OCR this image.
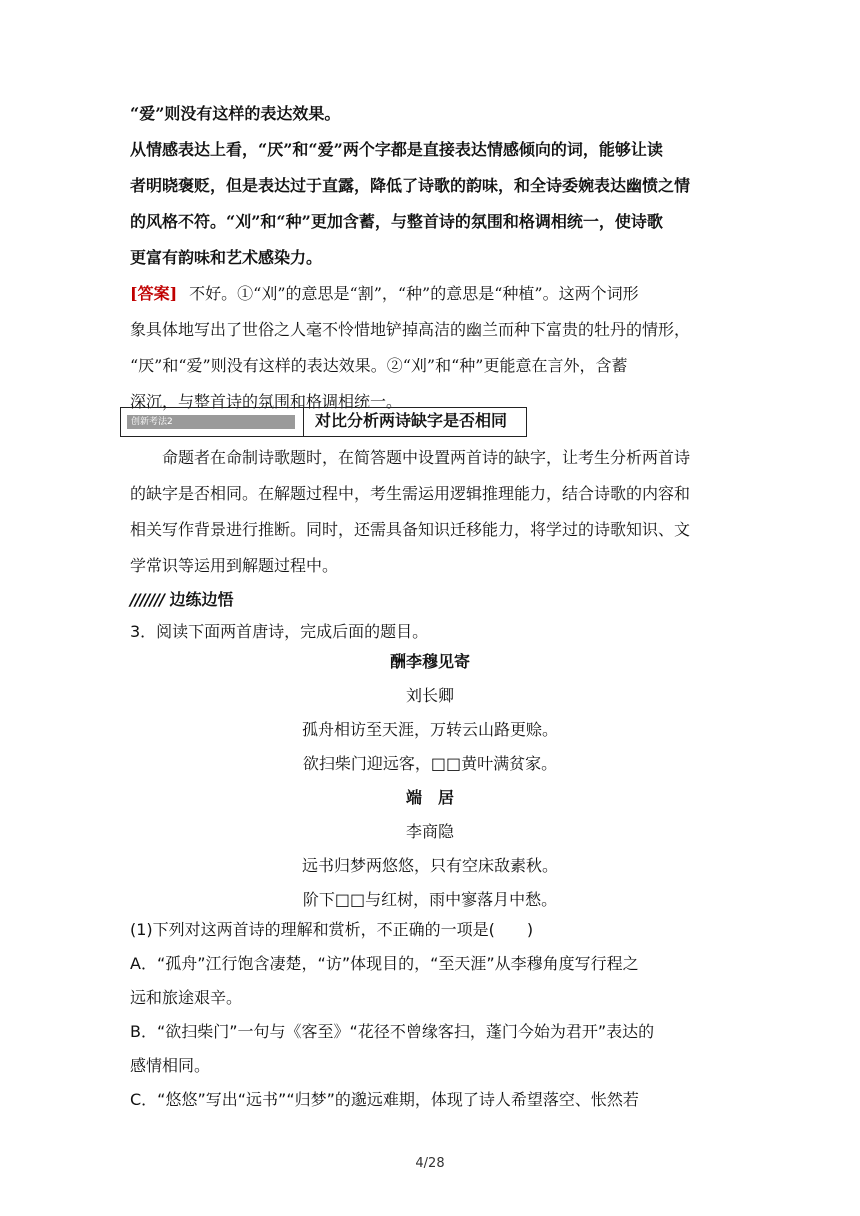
“爱”则没有这样的表达效果。
从情感表达上看，“厌”和“爱”两个字都是直接表达情感倾向的词，能够让读
者明晓褒贬，但是表达过于直露，降低了诗歌的韵味，和全诗委婉表达幽愤之情
的风格不符。“刈”和“种”更加含蓄，与整首诗的氛围和格调相统一，使诗歌
更富有韵味和艺术感染力。
[答案] 不好。①“刈”的意思是“割”，“种”的意思是“种植”。这两个词形
象具体地写出了世俗之人毫不怜惜地铲掉高洁的幽兰而种下富贵的牡丹的情形，
“厌”和“爱”则没有这样的表达效果。②“刈”和“种”更能意在言外，含蓄
深沉，与整首诗的氛围和格调相统一。
创新考法2	对比分析两诗缺字是否相同
命题者在命制诗歌题时，在简答题中设置两首诗的缺字，让考生分析两首诗
的缺字是否相同。在解题过程中，考生需运用逻辑推理能力，结合诗歌的内容和
相关写作背景进行推断。同时，还需具备知识迁移能力，将学过的诗歌知识、文
学常识等运用到解题过程中。
/////// 边练边悟
3．阅读下面两首唐诗，完成后面的题目。
酬李穆见寄
刘长卿
孤舟相访至天涯，万转云山路更赊。
欲扫柴门迎远客，□□黄叶满贫家。
端　居
李商隐
远书归梦两悠悠，只有空床敌素秋。
阶下□□与红树，雨中寥落月中愁。
(1)下列对这两首诗的理解和赏析，不正确的一项是(　　)
A．“孤舟”江行饱含凄楚，“访”体现目的，“至天涯”从李穆角度写行程之
远和旅途艰辛。
B．“欲扫柴门”一句与《客至》“花径不曾缘客扫，蓬门今始为君开”表达的
感情相同。
C．“悠悠”写出“远书”“归梦”的邈远难期，体现了诗人希望落空、怅然若
4/28
